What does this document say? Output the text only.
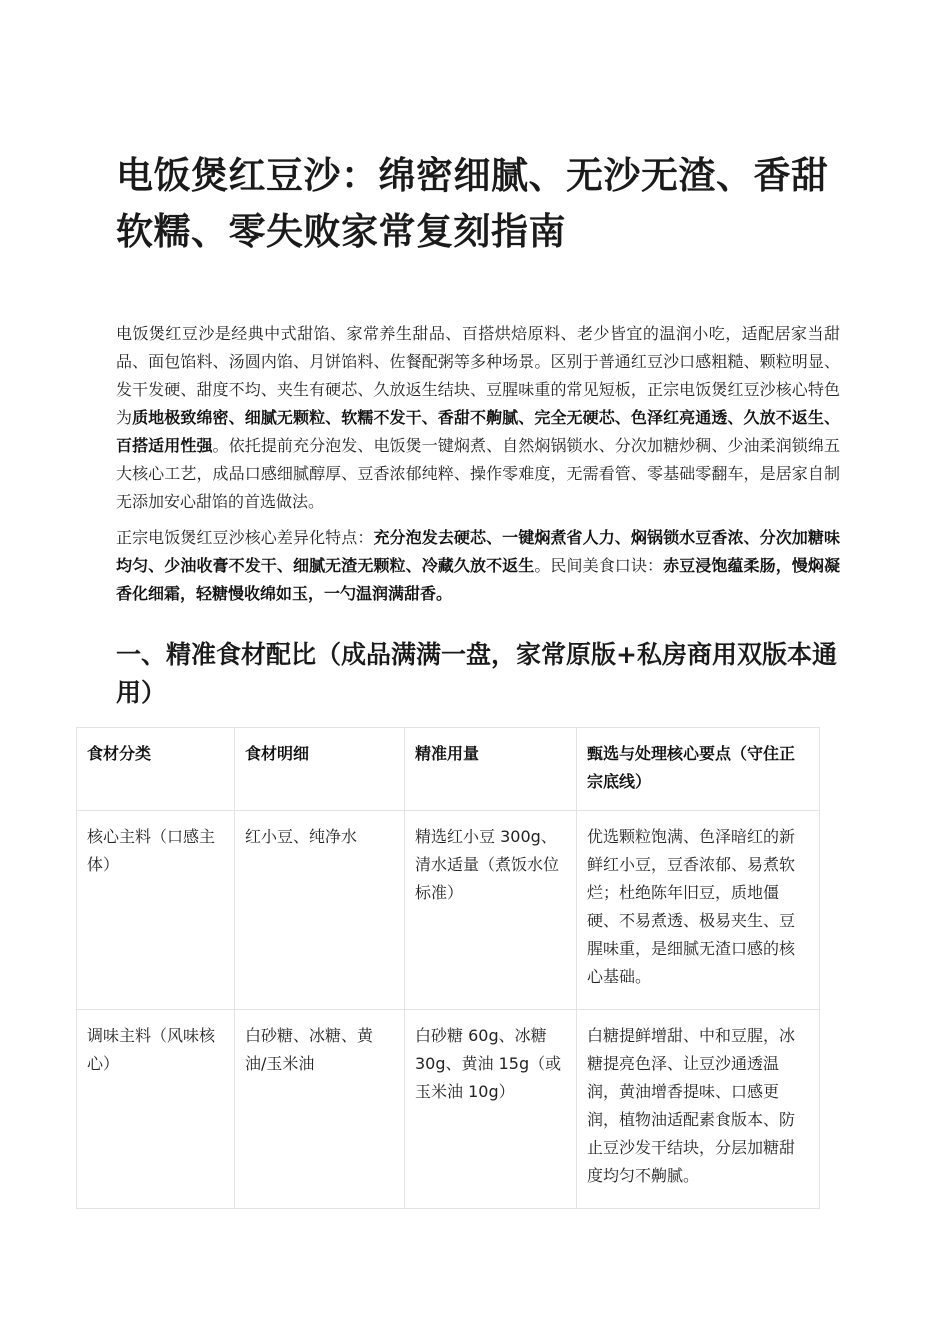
电饭煲红豆沙：绵密细腻、无沙无渣、香甜软糯、零失败家常复刻指南

电饭煲红豆沙是经典中式甜馅、家常养生甜品、百搭烘焙原料、老少皆宜的温润小吃，适配居家当甜品、面包馅料、汤圆内馅、月饼馅料、佐餐配粥等多种场景。区别于普通红豆沙口感粗糙、颗粒明显、发干发硬、甜度不均、夹生有硬芯、久放返生结块、豆腥味重的常见短板，正宗电饭煲红豆沙核心特色为质地极致绵密、细腻无颗粒、软糯不发干、香甜不齁腻、完全无硬芯、色泽红亮通透、久放不返生、百搭适用性强。依托提前充分泡发、电饭煲一键焖煮、自然焖锅锁水、分次加糖炒稠、少油柔润锁绵五大核心工艺，成品口感细腻醇厚、豆香浓郁纯粹、操作零难度，无需看管、零基础零翻车，是居家自制无添加安心甜馅的首选做法。

正宗电饭煲红豆沙核心差异化特点：充分泡发去硬芯、一键焖煮省人力、焖锅锁水豆香浓、分次加糖味均匀、少油收膏不发干、细腻无渣无颗粒、冷藏久放不返生。民间美食口诀：赤豆浸饱蕴柔肠，慢焖凝香化细霜，轻糖慢收绵如玉，一勺温润满甜香。

一、精准食材配比（成品满满一盘，家常原版+私房商用双版本通用）
食材分类	食材明细	精准用量	甄选与处理核心要点（守住正宗底线）
核心主料（口感主体）	红小豆、纯净水	精选红小豆 300g、清水适量（煮饭水位标准）	优选颗粒饱满、色泽暗红的新鲜红小豆，豆香浓郁、易煮软烂；杜绝陈年旧豆，质地僵硬、不易煮透、极易夹生、豆腥味重，是细腻无渣口感的核心基础。
调味主料（风味核心）	白砂糖、冰糖、黄油/玉米油	白砂糖 60g、冰糖 30g、黄油 15g（或玉米油 10g）	白糖提鲜增甜、中和豆腥，冰糖提亮色泽、让豆沙通透温润，黄油增香提味、口感更润，植物油适配素食版本、防止豆沙发干结块，分层加糖甜度均匀不齁腻。
